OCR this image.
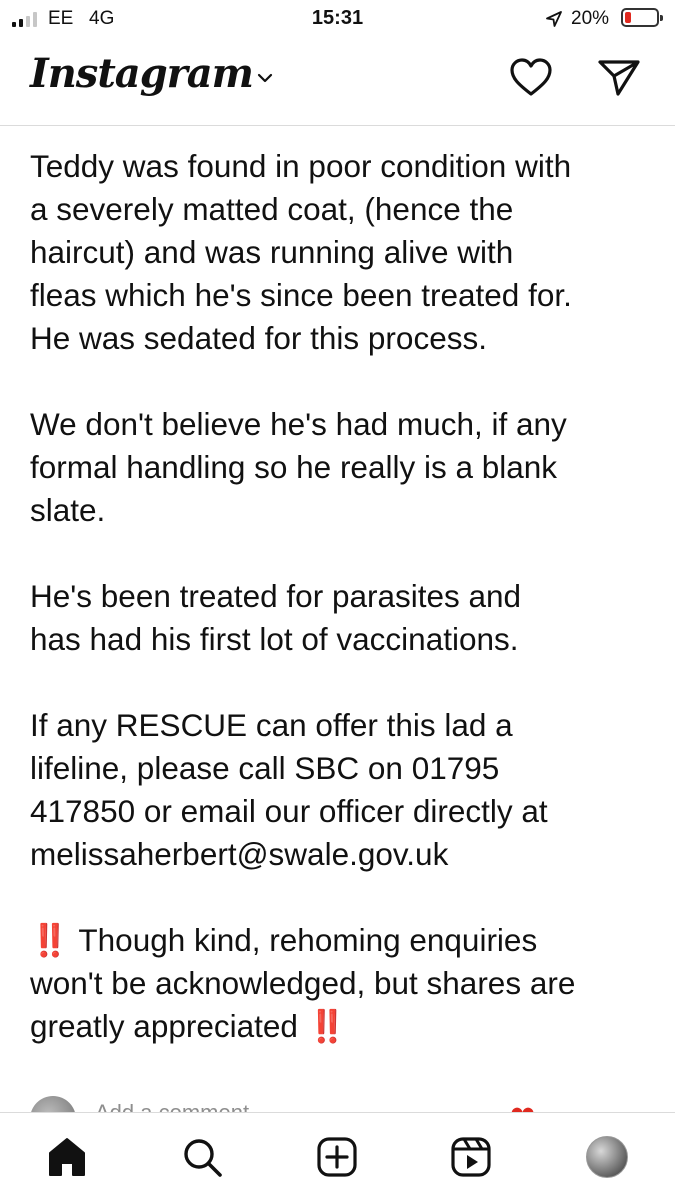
EE 4G	15:31	20%
Instagram

Teddy was found in poor condition with
a severely matted coat, (hence the
haircut) and was running alive with
fleas which he's since been treated for.
He was sedated for this process.

We don't believe he's had much, if any
formal handling so he really is a blank
slate.

He's been treated for parasites and
has had his first lot of vaccinations.

If any RESCUE can offer this lad a
lifeline, please call SBC on 01795
417850 or email our officer directly at
melissaherbert@swale.gov.uk

‼️ Though kind, rehoming enquiries
won't be acknowledged, but shares are
greatly appreciated ‼️
